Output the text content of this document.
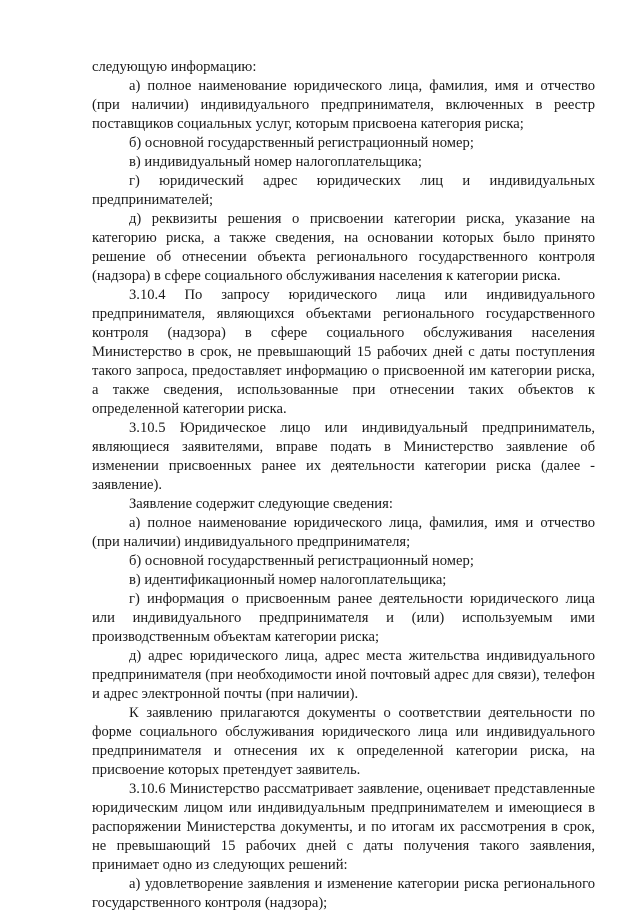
следующую информацию:

а) полное наименование юридического лица, фамилия, имя и отчество (при наличии) индивидуального предпринимателя, включенных в реестр поставщиков социальных услуг, которым присвоена категория риска;

б) основной государственный регистрационный номер;

в) индивидуальный номер налогоплательщика;

г) юридический адрес юридических лиц и индивидуальных предпринимателей;

д) реквизиты решения о присвоении категории риска, указание на категорию риска, а также сведения, на основании которых было принято решение об отнесении объекта регионального государственного контроля (надзора) в сфере социального обслуживания населения к категории риска.

3.10.4 По запросу юридического лица или индивидуального предпринимателя, являющихся объектами регионального государственного контроля (надзора) в сфере социального обслуживания населения Министерство в срок, не превышающий 15 рабочих дней с даты поступления такого запроса, предоставляет информацию о присвоенной им категории риска, а также сведения, использованные при отнесении таких объектов к определенной категории риска.

3.10.5 Юридическое лицо или индивидуальный предприниматель, являющиеся заявителями, вправе подать в Министерство заявление об изменении присвоенных ранее их деятельности категории риска (далее - заявление).

Заявление содержит следующие сведения:

а) полное наименование юридического лица, фамилия, имя и отчество (при наличии) индивидуального предпринимателя;

б) основной государственный регистрационный номер;

в) идентификационный номер налогоплательщика;

г) информация о присвоенным ранее деятельности юридического лица или индивидуального предпринимателя и (или) используемым ими производственным объектам категории риска;

д) адрес юридического лица, адрес места жительства индивидуального предпринимателя (при необходимости иной почтовый адрес для связи), телефон и адрес электронной почты (при наличии).

К заявлению прилагаются документы о соответствии деятельности по форме социального обслуживания юридического лица или индивидуального предпринимателя и отнесения их к определенной категории риска, на присвоение которых претендует заявитель.

3.10.6 Министерство рассматривает заявление, оценивает представленные юридическим лицом или индивидуальным предпринимателем и имеющиеся в распоряжении Министерства документы, и по итогам их рассмотрения в срок, не превышающий 15 рабочих дней с даты получения такого заявления, принимает одно из следующих решений:

а) удовлетворение заявления и изменение категории риска регионального государственного контроля (надзора);
